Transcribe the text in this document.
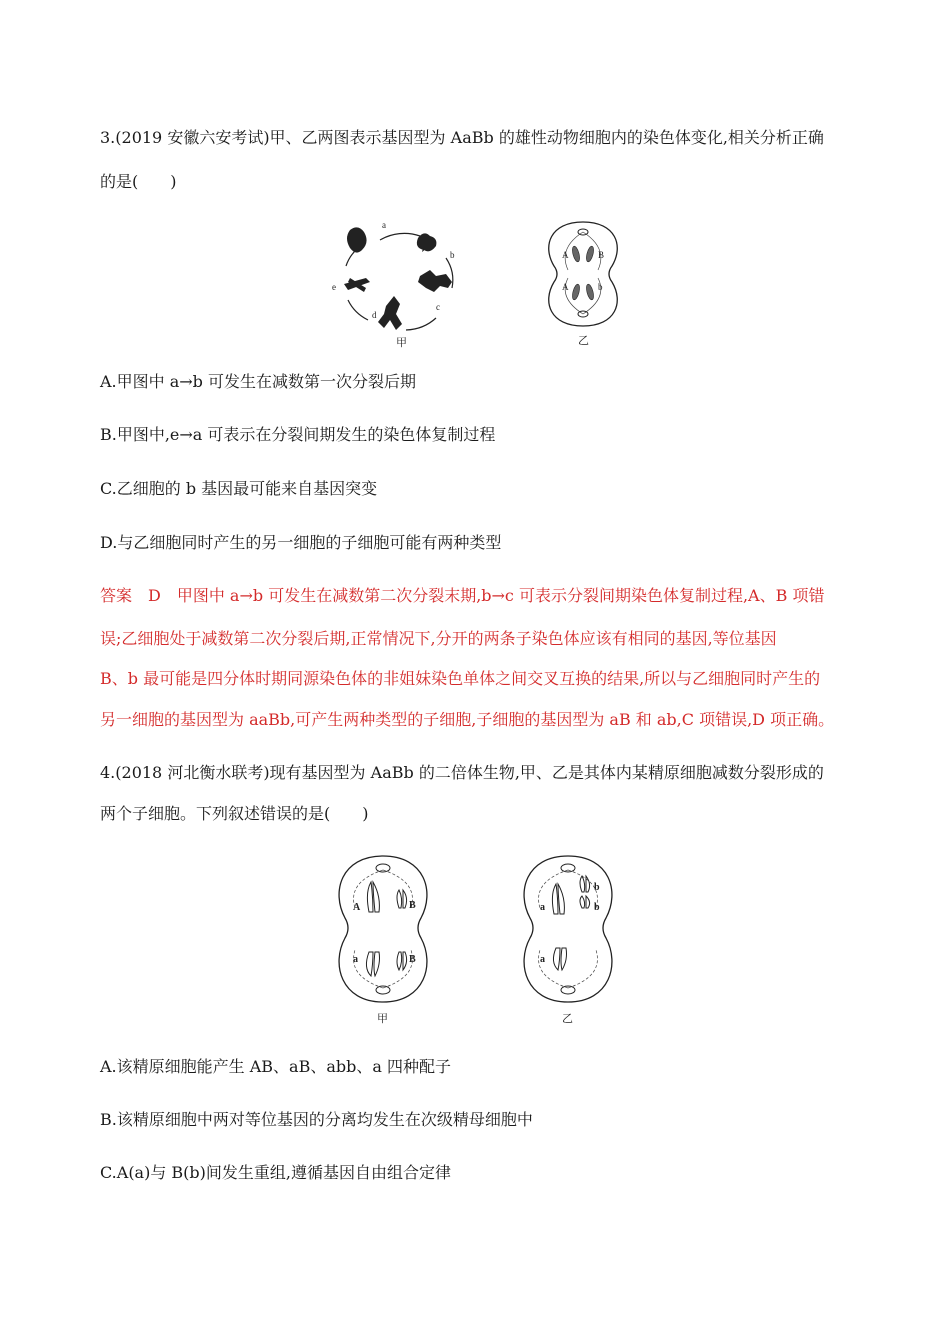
3.(2019 安徽六安考试)甲、乙两图表示基因型为 AaBb 的雄性动物细胞内的染色体变化,相关分析正确
的是(　　)
a
b
c
d
e
甲
A	B
A	b
乙
A.甲图中 a→b 可发生在减数第一次分裂后期
B.甲图中,e→a 可表示在分裂间期发生的染色体复制过程
C.乙细胞的 b 基因最可能来自基因突变
D.与乙细胞同时产生的另一细胞的子细胞可能有两种类型
答案　D　甲图中 a→b 可发生在减数第二次分裂末期,b→c 可表示分裂间期染色体复制过程,A、B 项错
误;乙细胞处于减数第二次分裂后期,正常情况下,分开的两条子染色体应该有相同的基因,等位基因
B、b 最可能是四分体时期同源染色体的非姐妹染色单体之间交叉互换的结果,所以与乙细胞同时产生的
另一细胞的基因型为 aaBb,可产生两种类型的子细胞,子细胞的基因型为 aB 和 ab,C 项错误,D 项正确。
4.(2018 河北衡水联考)现有基因型为 AaBb 的二倍体生物,甲、乙是其体内某精原细胞减数分裂形成的
两个子细胞。下列叙述错误的是(　　)
A	B
a	B
甲
a
b
b
a
乙
A.该精原细胞能产生 AB、aB、abb、a 四种配子
B.该精原细胞中两对等位基因的分离均发生在次级精母细胞中
C.A(a)与 B(b)间发生重组,遵循基因自由组合定律
